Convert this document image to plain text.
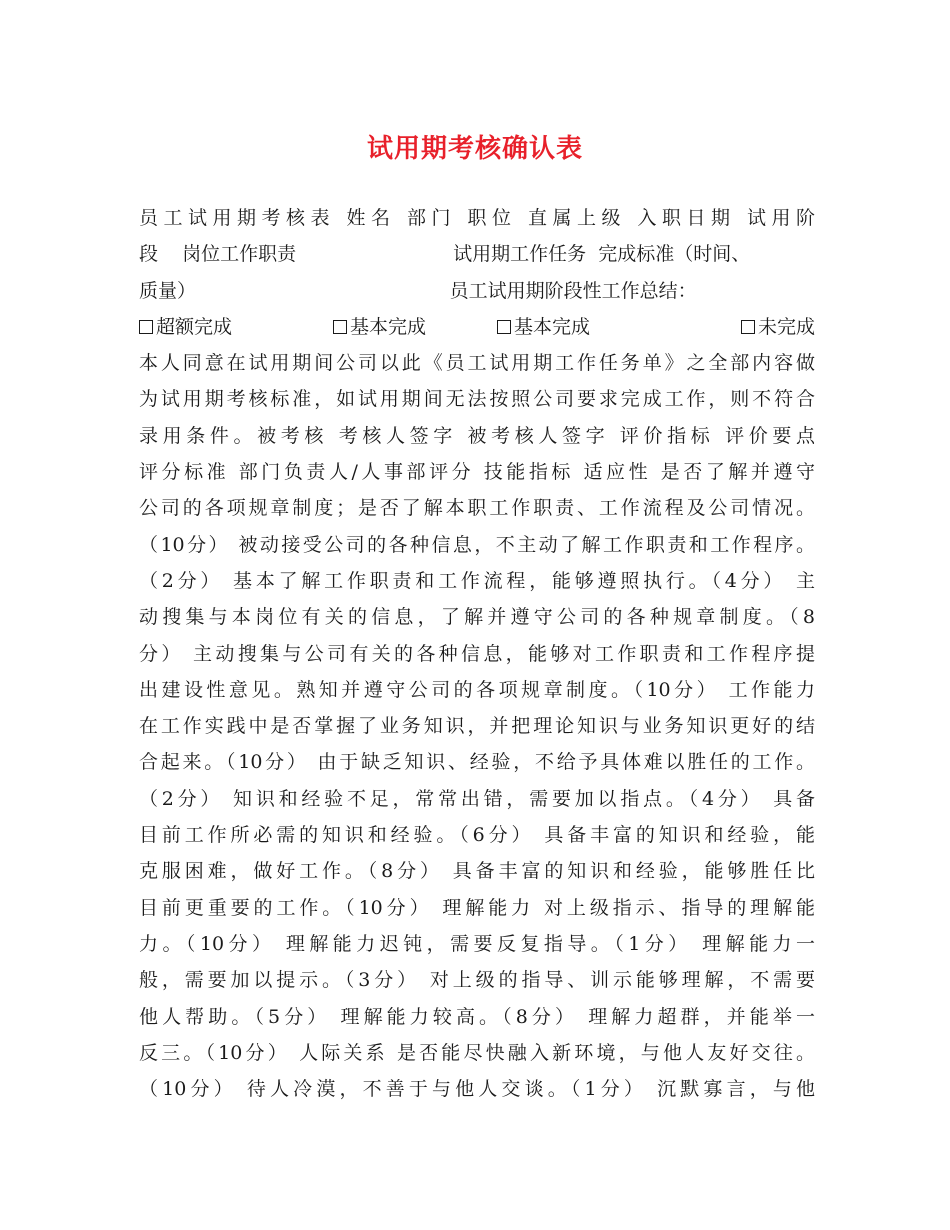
试用期考核确认表
员工试用期考核表 姓名 部门 职位 直属上级 入职日期 试用阶
段    岗位工作职责                          试用期工作任务  完成标准（时间、
质量）                                          员工试用期阶段性工作总结：
超额完成	基本完成	基本完成	未完成
本人同意在试用期间公司以此《员工试用期工作任务单》之全部内容做
为试用期考核标准，如试用期间无法按照公司要求完成工作，则不符合
录用条件。被考核 考核人签字 被考核人签字 评价指标 评价要点
评分标准 部门负责人/人事部评分 技能指标 适应性 是否了解并遵守
公司的各项规章制度；是否了解本职工作职责、工作流程及公司情况。
（10分） 被动接受公司的各种信息，不主动了解工作职责和工作程序。
（2分） 基本了解工作职责和工作流程，能够遵照执行。（4分） 主
动搜集与本岗位有关的信息，了解并遵守公司的各种规章制度。（8
分） 主动搜集与公司有关的各种信息，能够对工作职责和工作程序提
出建设性意见。熟知并遵守公司的各项规章制度。（10分） 工作能力
在工作实践中是否掌握了业务知识，并把理论知识与业务知识更好的结
合起来。（10分） 由于缺乏知识、经验，不给予具体难以胜任的工作。
（2分） 知识和经验不足，常常出错，需要加以指点。（4分） 具备
目前工作所必需的知识和经验。（6分） 具备丰富的知识和经验，能
克服困难，做好工作。（8分） 具备丰富的知识和经验，能够胜任比
目前更重要的工作。（10分） 理解能力 对上级指示、指导的理解能
力。（10分） 理解能力迟钝，需要反复指导。（1分） 理解能力一
般，需要加以提示。（3分） 对上级的指导、训示能够理解，不需要
他人帮助。（5分） 理解能力较高。（8分） 理解力超群，并能举一
反三。（10分） 人际关系 是否能尽快融入新环境，与他人友好交往。
（10分） 待人冷漠，不善于与他人交谈。（1分） 沉默寡言，与他
